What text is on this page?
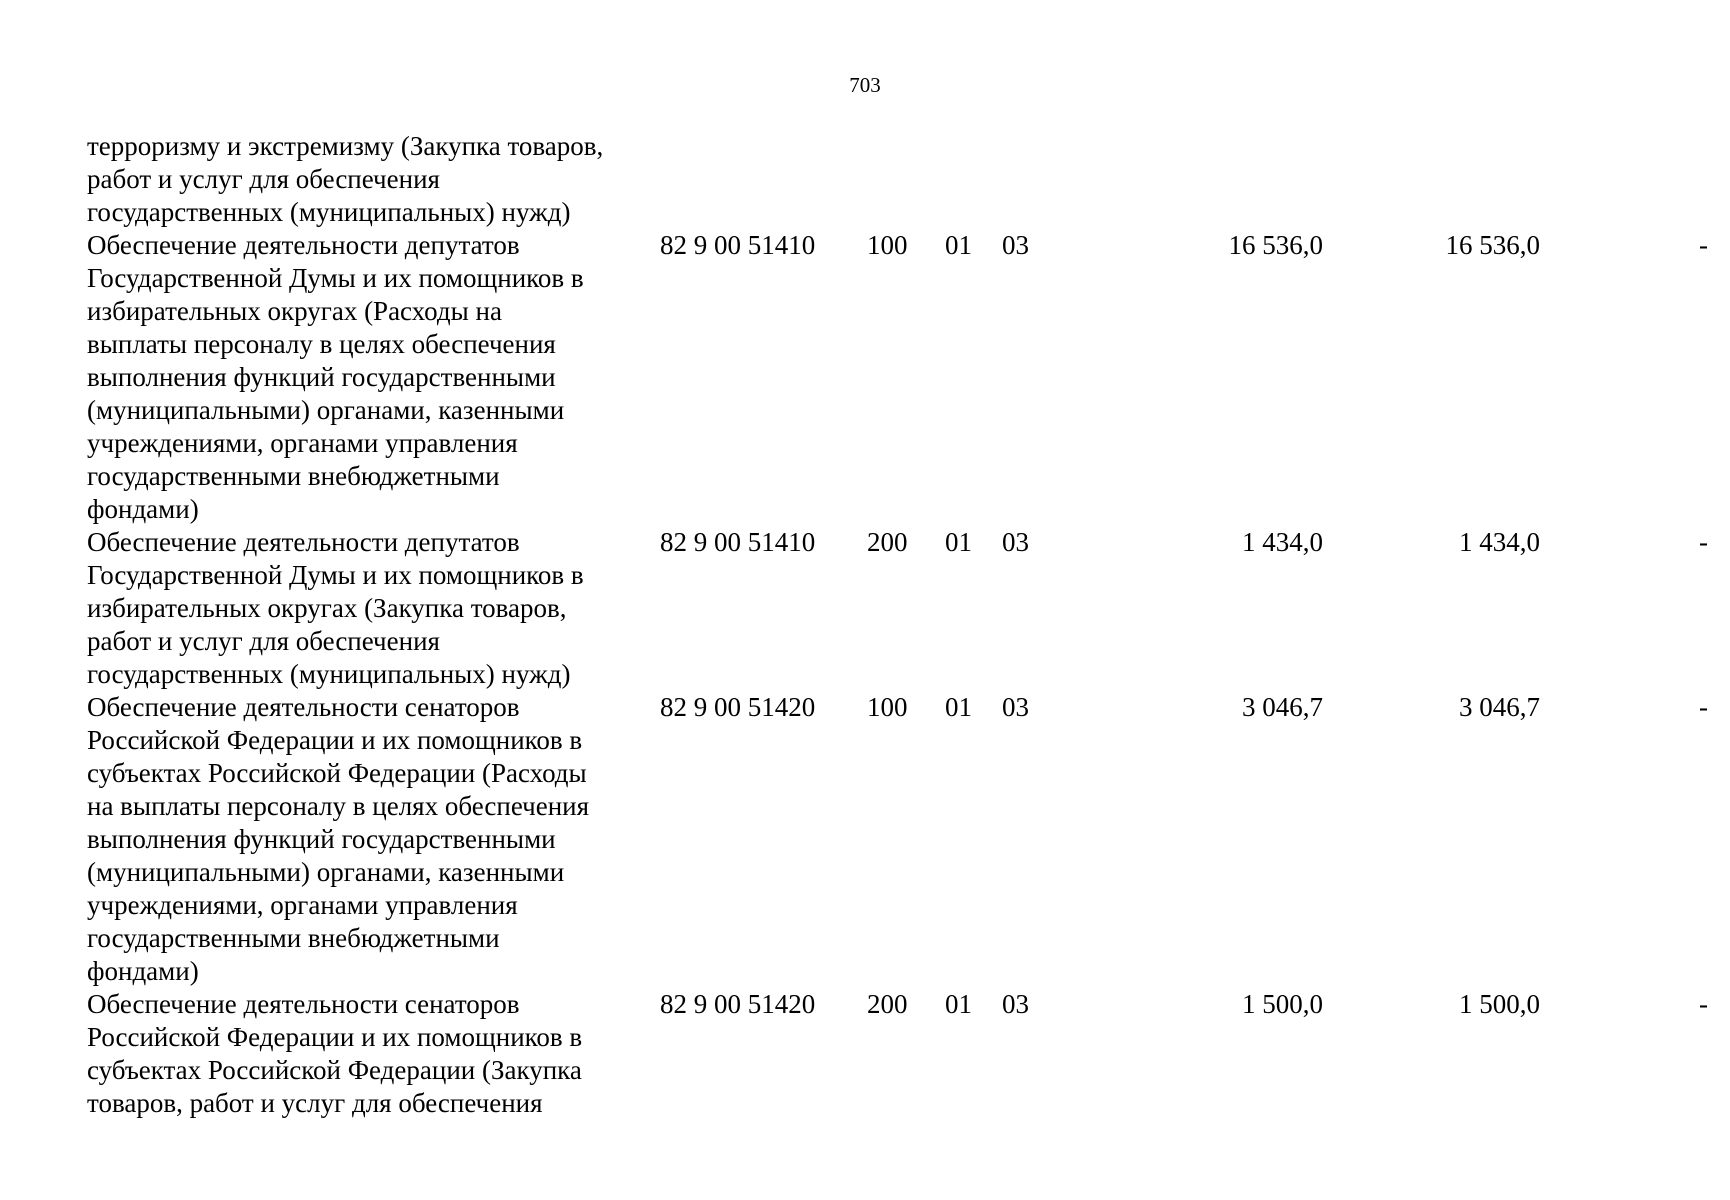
703
терроризму и экстремизму (Закупка товаров,
работ и услуг для обеспечения
государственных (муниципальных) нужд)
Обеспечение деятельности депутатов
Государственной Думы и их помощников в
избирательных округах (Расходы на
выплаты персоналу в целях обеспечения
выполнения функций государственными
(муниципальными) органами, казенными
учреждениями, органами управления
государственными внебюджетными
фондами)
82 9 00 51410 100 01 03	16 536,0	16 536,0	-
Обеспечение деятельности депутатов
Государственной Думы и их помощников в
избирательных округах (Закупка товаров,
работ и услуг для обеспечения
государственных (муниципальных) нужд)
82 9 00 51410 200 01 03	1 434,0	1 434,0	-
Обеспечение деятельности сенаторов
Российской Федерации и их помощников в
субъектах Российской Федерации (Расходы
на выплаты персоналу в целях обеспечения
выполнения функций государственными
(муниципальными) органами, казенными
учреждениями, органами управления
государственными внебюджетными
фондами)
82 9 00 51420 100 01 03	3 046,7	3 046,7	-
Обеспечение деятельности сенаторов
Российской Федерации и их помощников в
субъектах Российской Федерации (Закупка
товаров, работ и услуг для обеспечения
82 9 00 51420 200 01 03	1 500,0	1 500,0	-
